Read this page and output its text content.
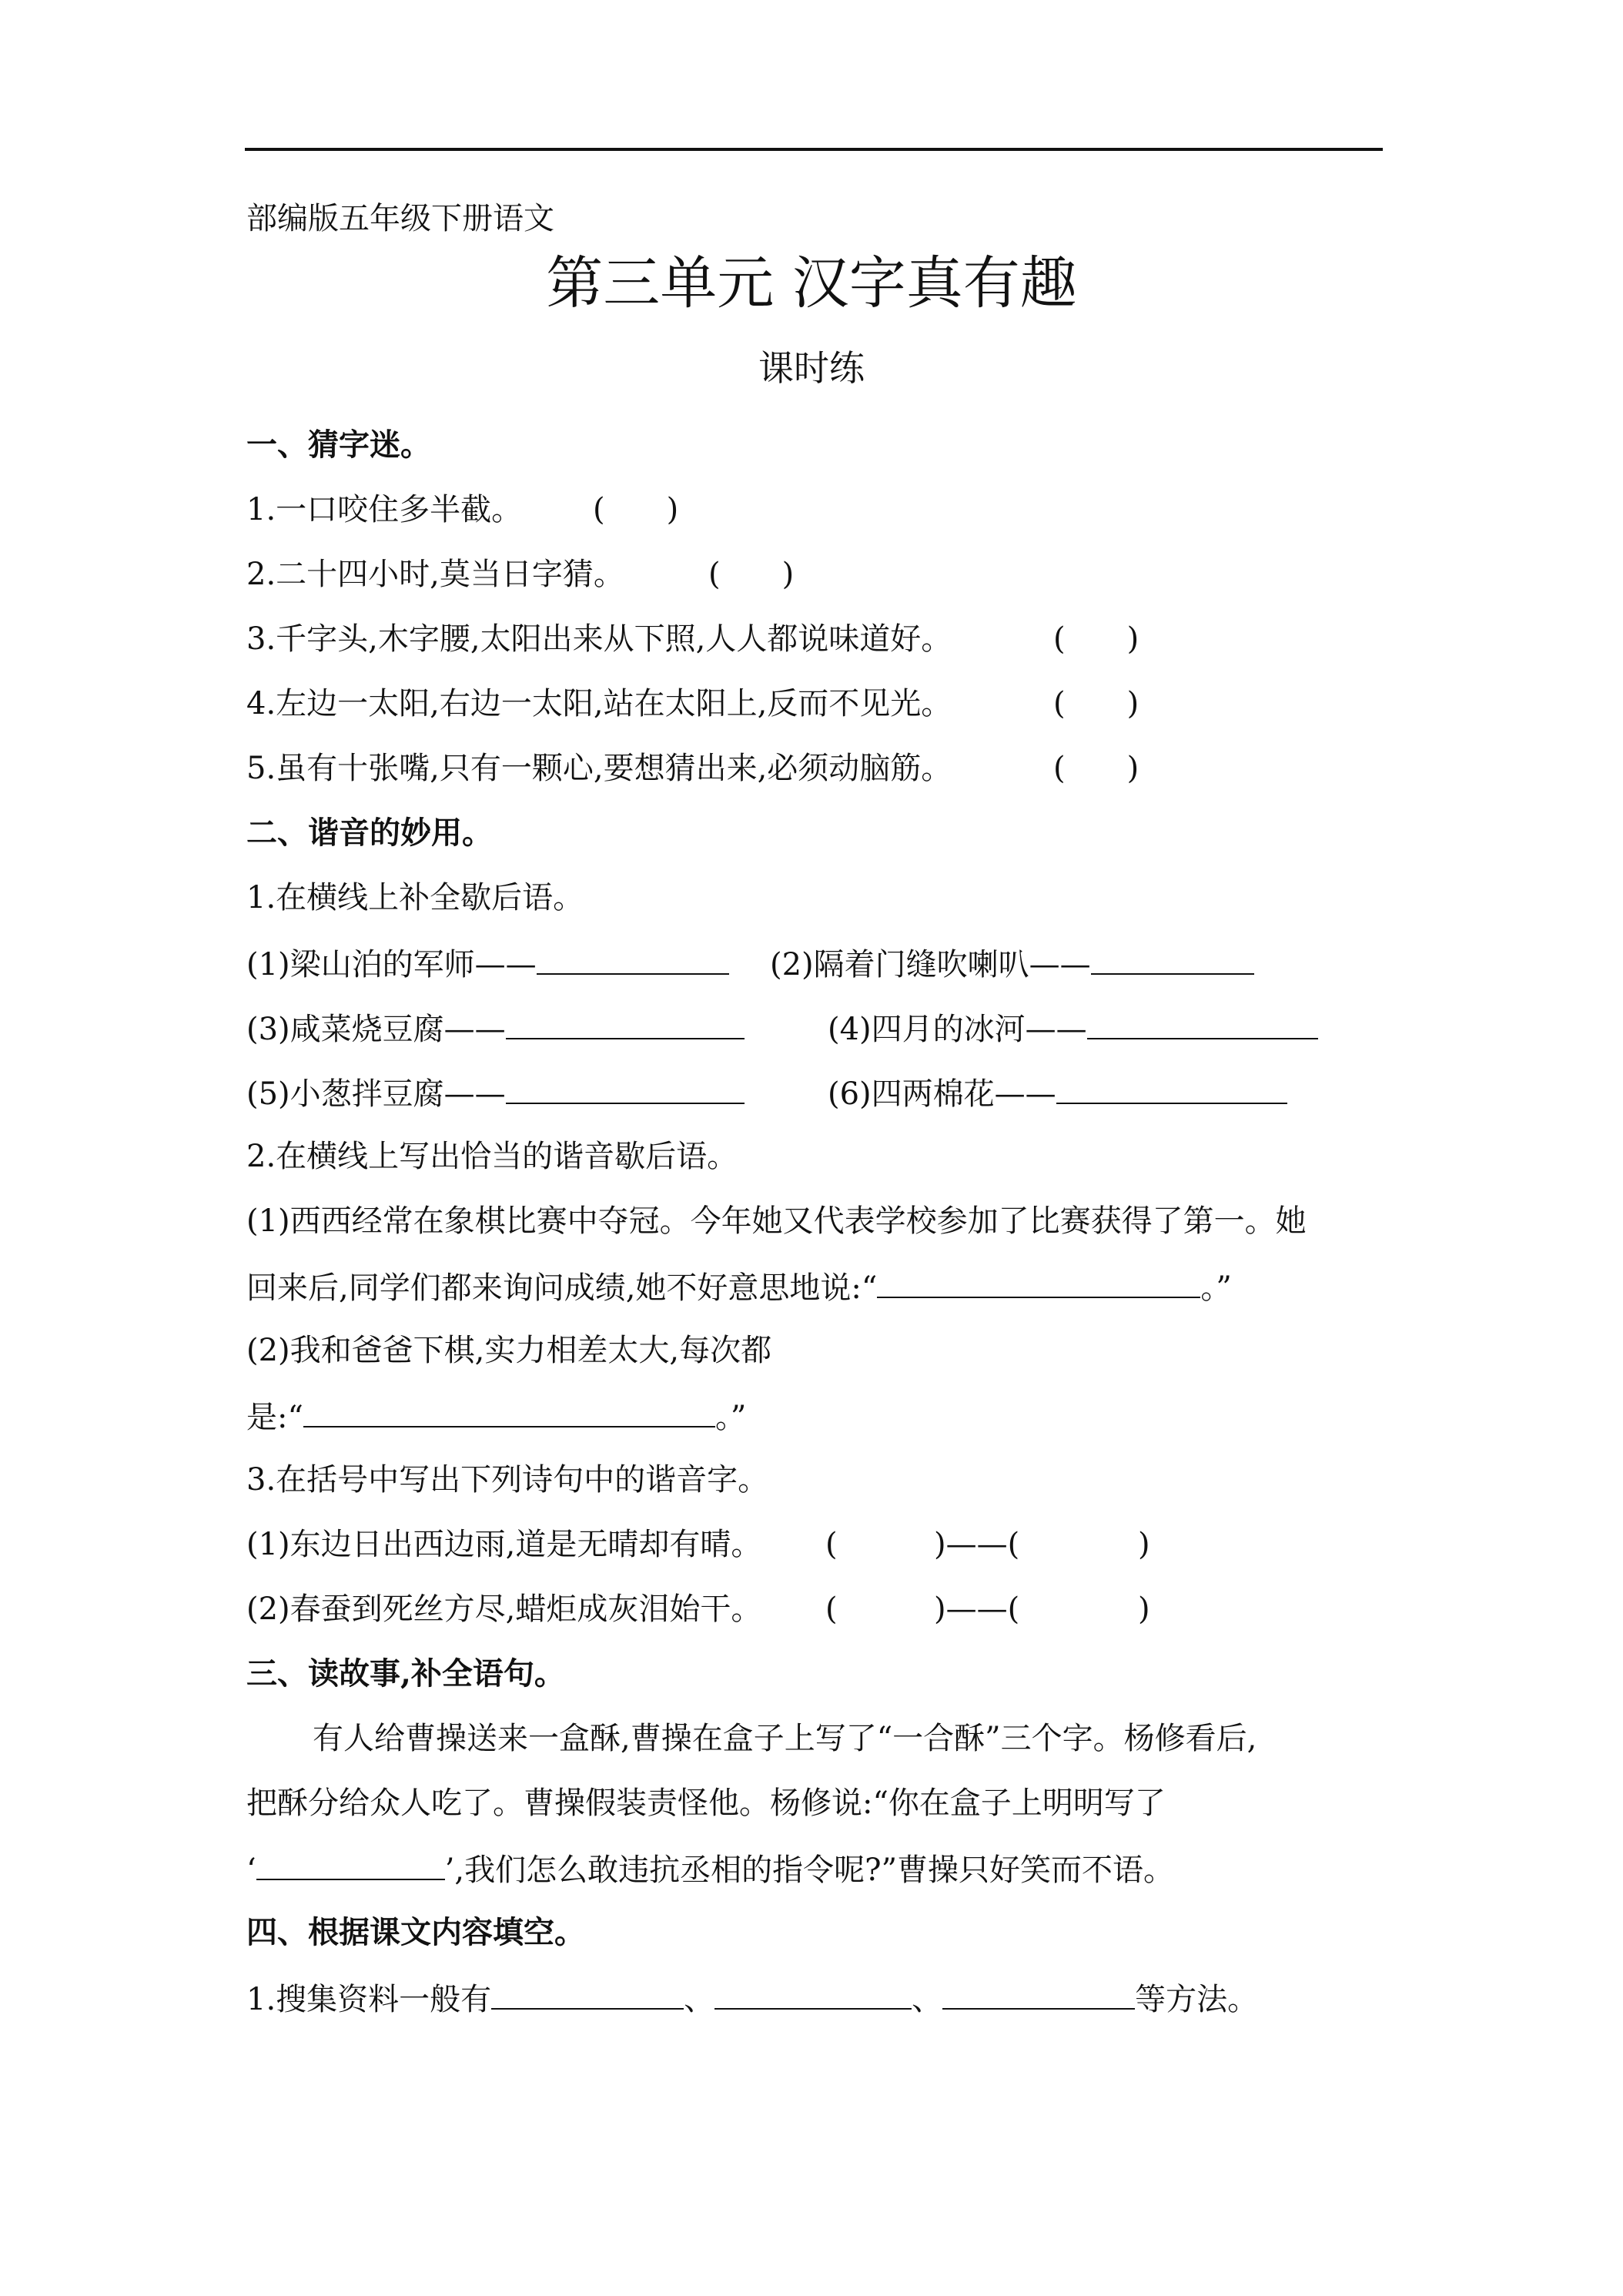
部编版五年级下册语文
第三单元 汉字真有趣
课时练
一、猜字迷。
1.一口咬住多半截。 (　　)
2.二十四小时,莫当日字猜。	(　　)
3.千字头,木字腰,太阳出来从下照,人人都说味道好。	(　　)
4.左边一太阳,右边一太阳,站在太阳上,反而不见光。	(　　)
5.虽有十张嘴,只有一颗心,要想猜出来,必须动脑筋。	(　　)
二、谐音的妙用。
1.在横线上补全歇后语。
(1)梁山泊的军师——	(2)隔着门缝吹喇叭——
(3)咸菜烧豆腐——	(4)四月的冰河——
(5)小葱拌豆腐——	(6)四两棉花——
2.在横线上写出恰当的谐音歇后语。
(1)西西经常在象棋比赛中夺冠。今年她又代表学校参加了比赛获得了第一。她
回来后,同学们都来询问成绩,她不好意思地说:“	。”
(2)我和爸爸下棋,实力相差太大,每次都
是:“	。”
3.在括号中写出下列诗句中的谐音字。
(1)东边日出西边雨,道是无晴却有晴。 (	)——(	)
(2)春蚕到死丝方尽,蜡炬成灰泪始干。 (	)——(	)
三、读故事,补全语句。
有人给曹操送来一盒酥,曹操在盒子上写了“一合酥”三个字。杨修看后,
把酥分给众人吃了。曹操假装责怪他。杨修说:“你在盒子上明明写了
‘	’,我们怎么敢违抗丞相的指令呢?”曹操只好笑而不语。
四、根据课文内容填空。
1.搜集资料一般有	、	、	等方法。
